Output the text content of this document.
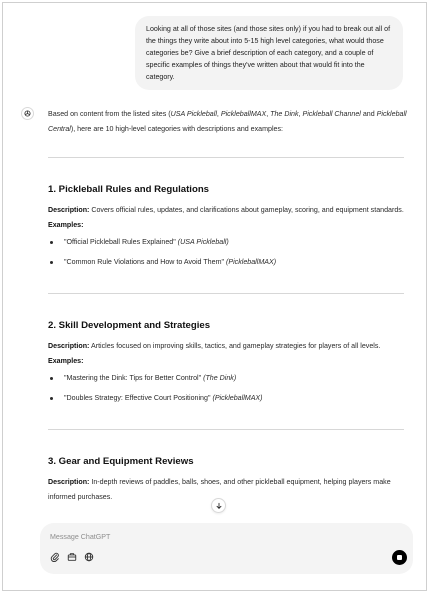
Looking at all of those sites (and those sites only) if you had to break out all of the things they write about into 5-15 high level categories, what would those categories be? Give a brief description of each category, and a couple of specific examples of things they've written about that would fit into the category.
Based on content from the listed sites (USA Pickleball, PickleballMAX, The Dink, Pickleball Channel and Pickleball Central), here are 10 high-level categories with descriptions and examples:
1. Pickleball Rules and Regulations
Description: Covers official rules, updates, and clarifications about gameplay, scoring, and equipment standards.
Examples:
"Official Pickleball Rules Explained" (USA Pickleball)
"Common Rule Violations and How to Avoid Them" (PickleballMAX)
2. Skill Development and Strategies
Description: Articles focused on improving skills, tactics, and gameplay strategies for players of all levels.
Examples:
"Mastering the Dink: Tips for Better Control" (The Dink)
"Doubles Strategy: Effective Court Positioning" (PickleballMAX)
3. Gear and Equipment Reviews
Description: In-depth reviews of paddles, balls, shoes, and other pickleball equipment, helping players make informed purchases.
Message ChatGPT
